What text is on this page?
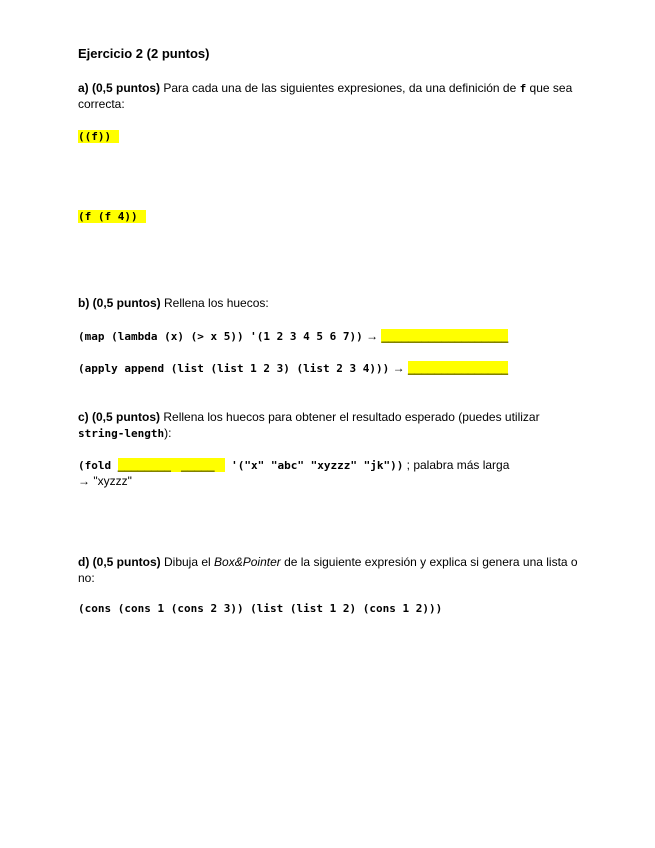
Ejercicio 2 (2 puntos)
a) (0,5 puntos) Para cada una de las siguientes expresiones, da una definición de f que sea
correcta:
((f))
(f (f 4))
b) (0,5 puntos) Rellena los huecos:
(map (lambda (x) (> x 5)) '(1 2 3 4 5 6 7)) → ___________________
(apply append (list (list 1 2 3) (list 2 3 4))) → _______________
c) (0,5 puntos) Rellena los huecos para obtener el resultado esperado (puedes utilizar
string-length):
(fold ________ _____ '("x" "abc" "xyzzz" "jk")) ; palabra más larga
→ "xyzzz"
d) (0,5 puntos) Dibuja el Box&Pointer de la siguiente expresión y explica si genera una lista o
no:
(cons (cons 1 (cons 2 3)) (list (list 1 2) (cons 1 2)))
